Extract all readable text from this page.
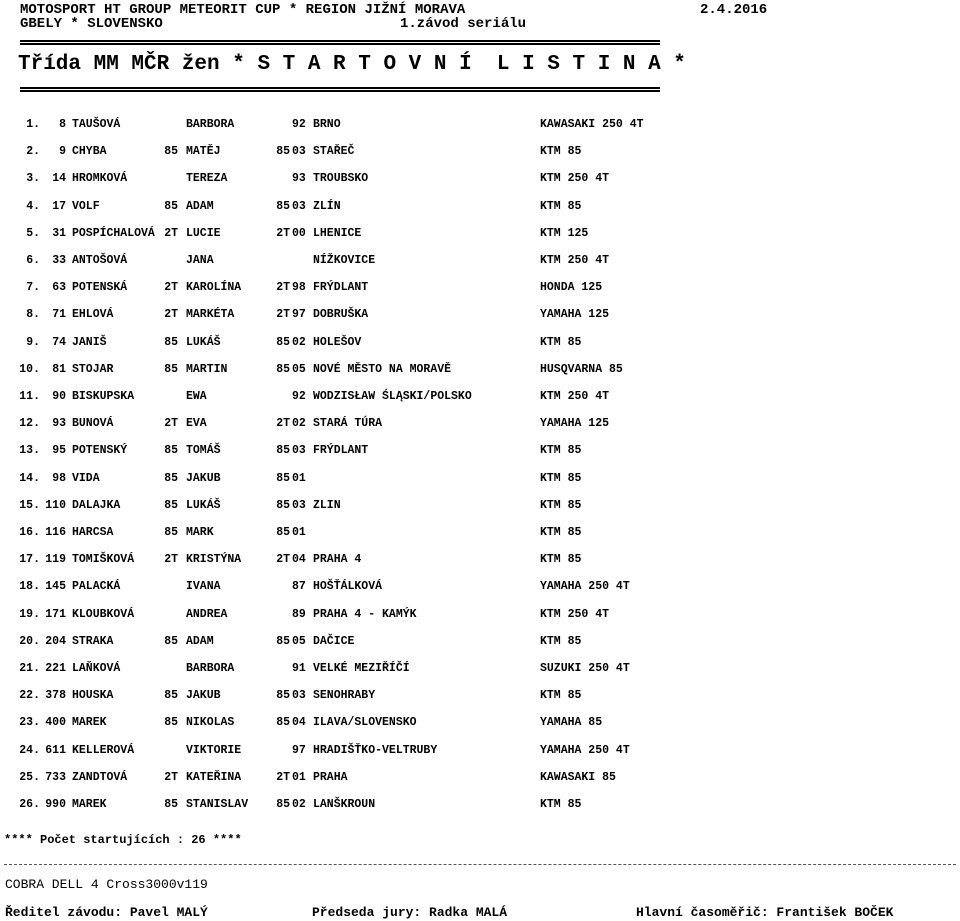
MOTOSPORT HT GROUP METEORIT CUP * REGION JIŽNÍ MORAVA	2.4.2016
GBELY * SLOVENSKO	1.závod seriálu
Třída MM MČR žen * S T A R T O V N Í  L I S T I N A *
1.	8 TAUŠOVÁ	BARBORA	92 BRNO	KAWASAKI 250 4T
2.	9 CHYBA	85 MATĚJ	85 03 STAŘEČ	KTM 85
3.	14 HROMKOVÁ	TEREZA	93 TROUBSKO	KTM 250 4T
4.	17 VOLF	85 ADAM	85 03 ZLÍN	KTM 85
5.	31 POSPÍCHALOVÁ 2T LUCIE	2T 00 LHENICE	KTM 125
6.	33 ANTOŠOVÁ	JANA	NÍŽKOVICE	KTM 250 4T
7.	63 POTENSKÁ	2T KAROLÍNA	2T 98 FRÝDLANT	HONDA 125
8.	71 EHLOVÁ	2T MARKÉTA	2T 97 DOBRUŠKA	YAMAHA 125
9.	74 JANIŠ	85 LUKÁŠ	85 02 HOLEŠOV	KTM 85
10.	81 STOJAR	85 MARTIN	85 05 NOVÉ MĚSTO NA MORAVĚ	HUSQVARNA 85
11.	90 BISKUPSKA	EWA	92 WODZISŁAW ŚLĄSKI/POLSKO	KTM 250 4T
12.	93 BUNOVÁ	2T EVA	2T 02 STARÁ TÚRA	YAMAHA 125
13.	95 POTENSKÝ	85 TOMÁŠ	85 03 FRÝDLANT	KTM 85
14.	98 VIDA	85 JAKUB	85 01	KTM 85
15. 110 DALAJKA	85 LUKÁŠ	85 03 ZLIN	KTM 85
16. 116 HARCSA	85 MARK	85 01	KTM 85
17. 119 TOMIŠKOVÁ	2T KRISTÝNA	2T 04 PRAHA 4	KTM 85
18. 145 PALACKÁ	IVANA	87 HOŠŤÁLKOVÁ	YAMAHA 250 4T
19. 171 KLOUBKOVÁ	ANDREA	89 PRAHA 4 - KAMÝK	KTM 250 4T
20. 204 STRAKA	85 ADAM	85 05 DAČICE	KTM 85
21. 221 LAŇKOVÁ	BARBORA	91 VELKÉ MEZIŘÍČÍ	SUZUKI 250 4T
22. 378 HOUSKA	85 JAKUB	85 03 SENOHRABY	KTM 85
23. 400 MAREK	85 NIKOLAS	85 04 ILAVA/SLOVENSKO	YAMAHA 85
24. 611 KELLEROVÁ	VIKTORIE	97 HRADIŠŤKO-VELTRUBY	YAMAHA 250 4T
25. 733 ZANDTOVÁ	2T KATEŘINA	2T 01 PRAHA	KAWASAKI 85
26. 990 MAREK	85 STANISLAV	85 02 LANŠKROUN	KTM 85
**** Počet startujících : 26 ****
COBRA DELL 4 Cross3000v119
Ředitel závodu: Pavel MALÝ	Předseda jury: Radka MALÁ	Hlavní časoměřič: František BOČEK
